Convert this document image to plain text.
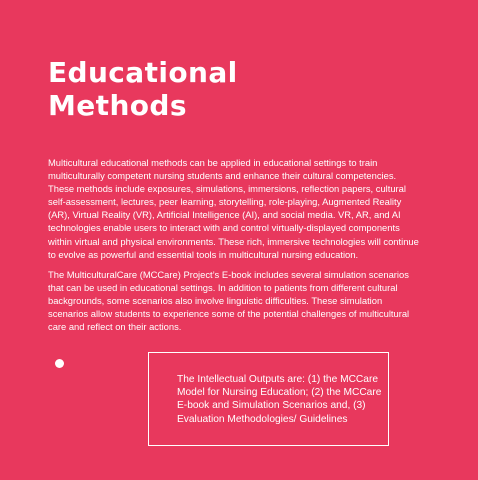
Educational
Methods

Multicultural educational methods can be applied in educational settings to train multiculturally competent nursing students and enhance their cultural competencies. These methods include exposures, simulations, immersions, reflection papers, cultural self-assessment, lectures, peer learning, storytelling, role-playing, Augmented Reality (AR), Virtual Reality (VR), Artificial Intelligence (AI), and social media. VR, AR, and AI technologies enable users to interact with and control virtually-displayed components within virtual and physical environments. These rich, immersive technologies will continue to evolve as powerful and essential tools in multicultural nursing education.

The MulticulturalCare (MCCare) Project’s E-book includes several simulation scenarios that can be used in educational settings. In addition to patients from different cultural backgrounds, some scenarios also involve linguistic difficulties. These simulation scenarios allow students to experience some of the potential challenges of multicultural care and reflect on their actions.

The Intellectual Outputs are: (1) the MCCare Model for Nursing Education; (2) the MCCare E-book and Simulation Scenarios and, (3) Evaluation Methodologies/ Guidelines
